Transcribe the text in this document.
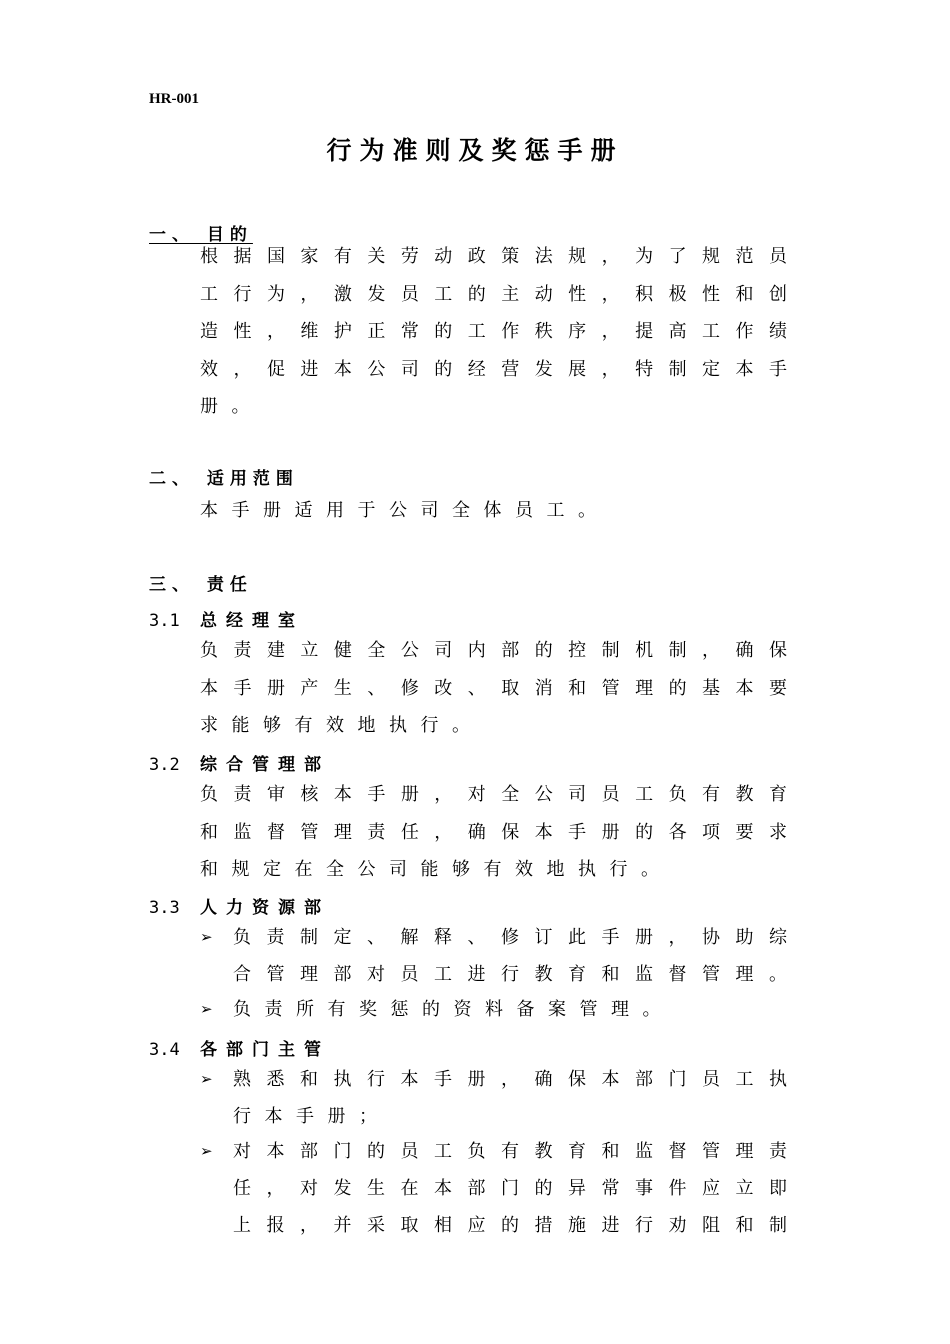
HR-001
行为准则及奖惩手册
一、 目的
根据国家有关劳动政策法规，为了规范员
工行为，激发员工的主动性，积极性和创
造性，维护正常的工作秩序，提高工作绩
效，促进本公司的经营发展，特制定本手
册。
二、 适用范围
本手册适用于公司全体员工。
三、 责任
3.1 总经理室
负责建立健全公司内部的控制机制，确保
本手册产生、修改、取消和管理的基本要
求能够有效地执行。
3.2 综合管理部
负责审核本手册，对全公司员工负有教育
和监督管理责任，确保本手册的各项要求
和规定在全公司能够有效地执行。
3.3 人力资源部
➢ 负责制定、解释、修订此手册，协助综
合管理部对员工进行教育和监督管理。
➢ 负责所有奖惩的资料备案管理。
3.4 各部门主管
➢ 熟悉和执行本手册，确保本部门员工执
行本手册；
➢ 对本部门的员工负有教育和监督管理责
任，对发生在本部门的异常事件应立即
上报，并采取相应的措施进行劝阻和制
